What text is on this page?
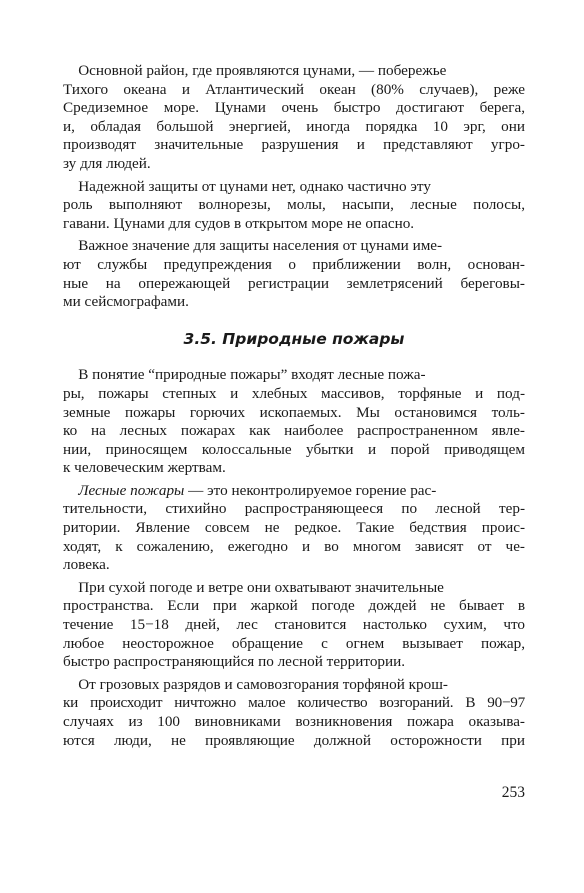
Основной район, где проявляются цунами, — побережье
Тихого океана и Атлантический океан (80% случаев), реже
Средиземное море. Цунами очень быстро достигают берега,
и, обладая большой энергией, иногда порядка 10 эрг, они
производят значительные разрушения и представляют угро-
зу для людей.

Надежной защиты от цунами нет, однако частично эту
роль выполняют волнорезы, молы, насыпи, лесные полосы,
гавани. Цунами для судов в открытом море не опасно.

Важное значение для защиты населения от цунами име-
ют службы предупреждения о приближении волн, основан-
ные на опережающей регистрации землетрясений береговы-
ми сейсмографами.

3.5. Природные пожары

В понятие “природные пожары” входят лесные пожа-
ры, пожары степных и хлебных массивов, торфяные и под-
земные пожары горючих ископаемых. Мы остановимся толь-
ко на лесных пожарах как наиболее распространенном явле-
нии, приносящем колоссальные убытки и порой приводящем
к человеческим жертвам.

Лесные пожары — это неконтролируемое горение рас-
тительности, стихийно распространяющееся по лесной тер-
ритории. Явление совсем не редкое. Такие бедствия проис-
ходят, к сожалению, ежегодно и во многом зависят от че-
ловека.

При сухой погоде и ветре они охватывают значительные
пространства. Если при жаркой погоде дождей не бывает в
течение 15−18 дней, лес становится настолько сухим, что
любое неосторожное обращение с огнем вызывает пожар,
быстро распространяющийся по лесной территории.

От грозовых разрядов и самовозгорания торфяной крош-
ки происходит ничтожно малое количество возгораний. В 90−97
случаях из 100 виновниками возникновения пожара оказыва-
ются люди, не проявляющие должной осторожности при

253
